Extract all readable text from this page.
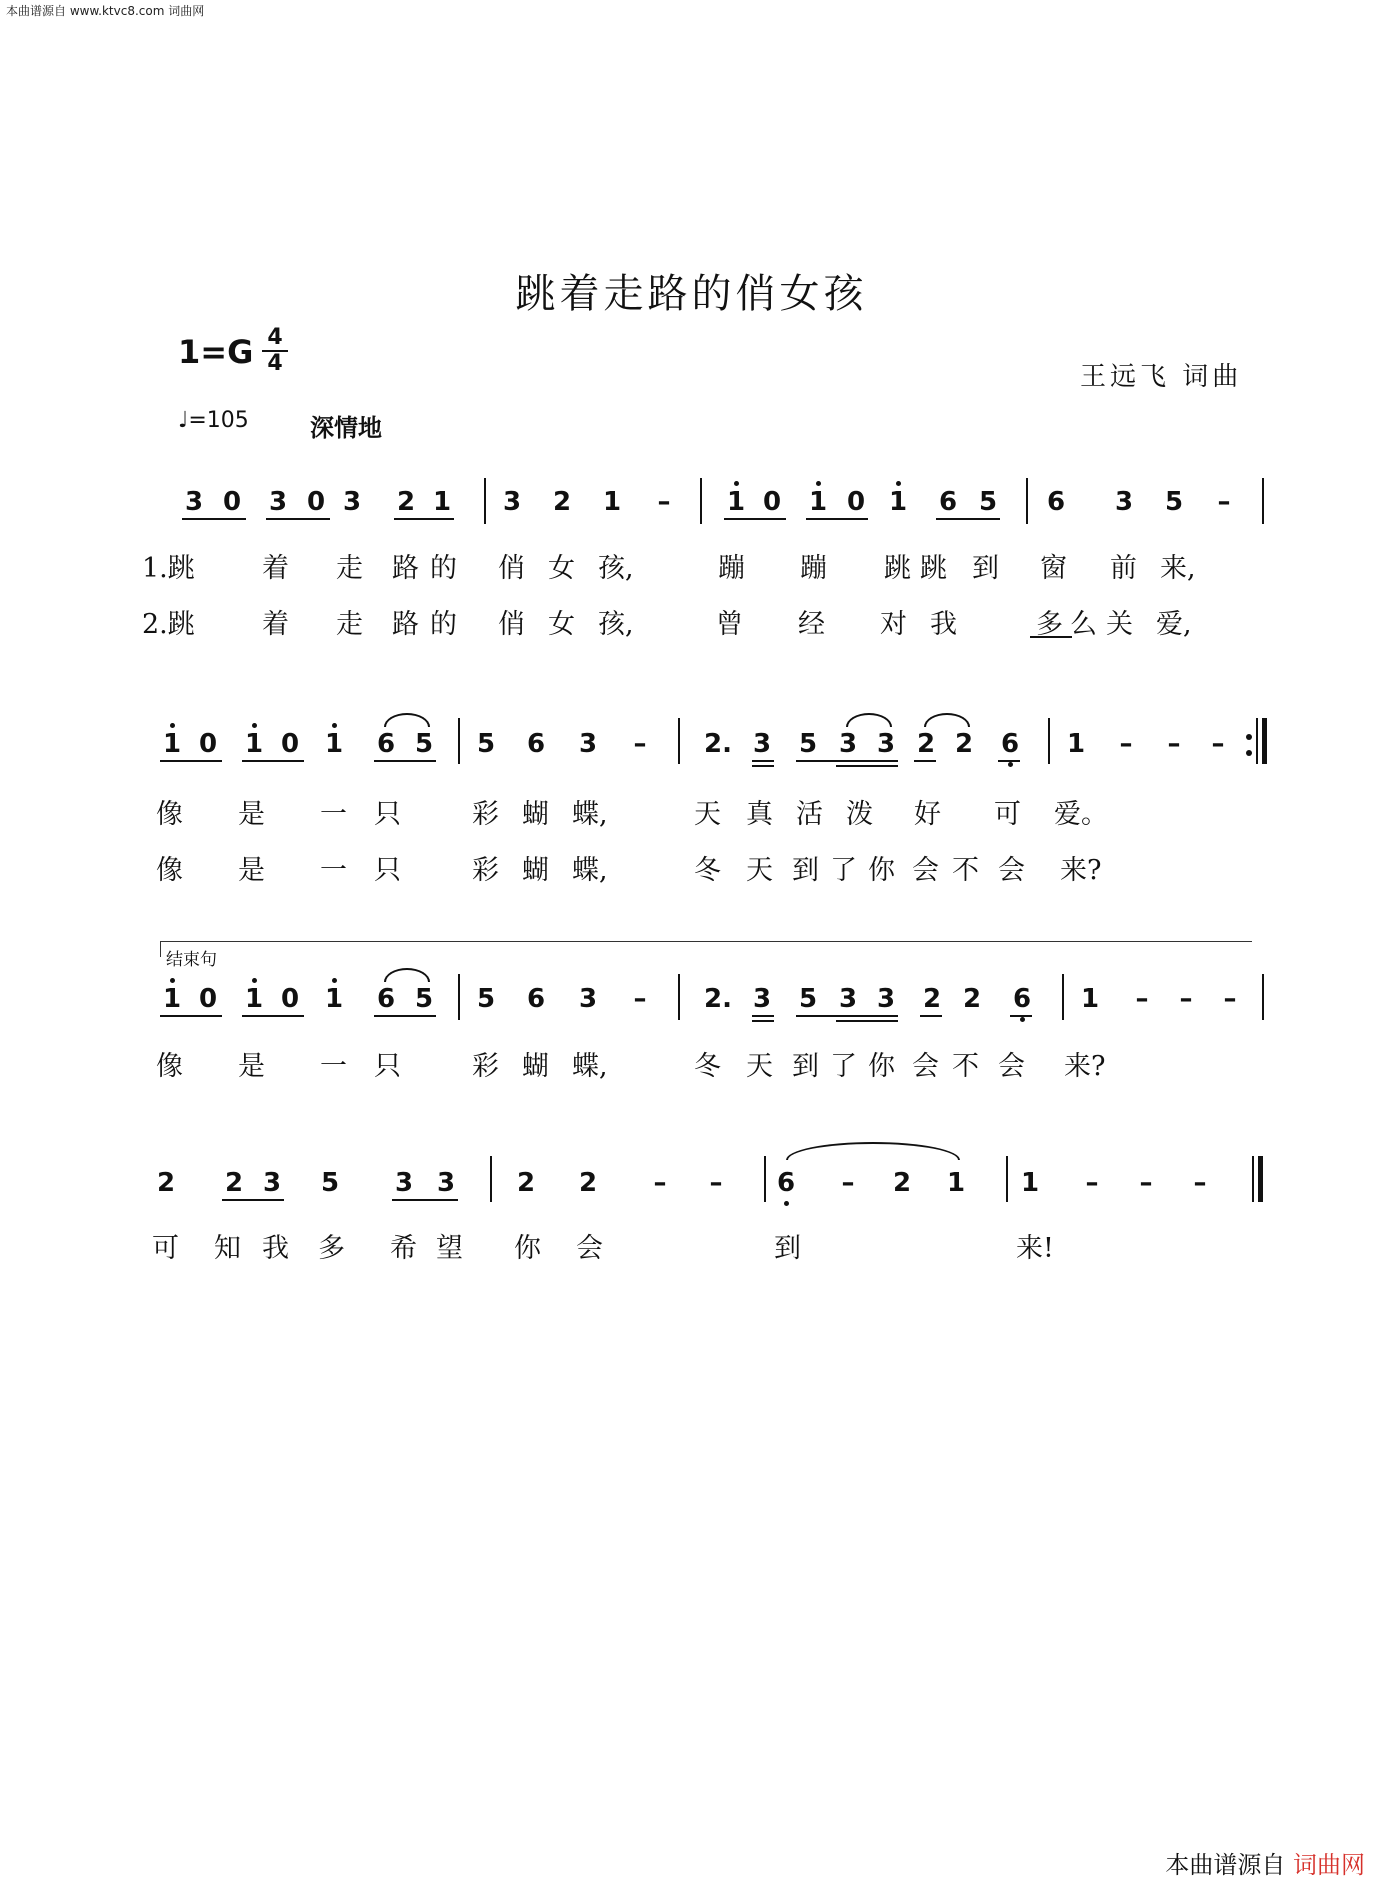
本曲谱源自 www.ktvc8.com 词曲网
跳着走路的俏女孩
1=G 4
4	王远飞 词曲
♩=105	深情地
3 0 3 0 3 2 1 3 2 1 – 1 0 1 0 1 6 5 6 3 5 –
1.跳 着 走 路 的 俏 女 孩,	蹦 蹦 跳 跳 到 窗 前 来,
2.跳 着 走 路 的 俏 女 孩,	曾 经 对 我	多 么 关 爱,
1 0 1 0 1 6 5 5 6 3 – 2. 3 5 3 3 2 2 6 1 – – –
像 是 一 只	彩 蝴 蝶,	天 真 活 泼 好 可 爱。
像 是 一 只	彩 蝴 蝶,	冬 天 到 了 你 会 不 会 来?
结束句
1 0 1 0 1 6 5 5 6 3 – 2. 3 5 3 3 2 2 6 1 – – –
像 是 一 只	彩 蝴 蝶,	冬 天 到 了 你 会 不 会 来?
2 2 3 5 3 3 2 2 – – 6 – 2 1 1 – – –
可 知 我 多 希 望 你 会	到	来!
本曲谱源自 词曲网
